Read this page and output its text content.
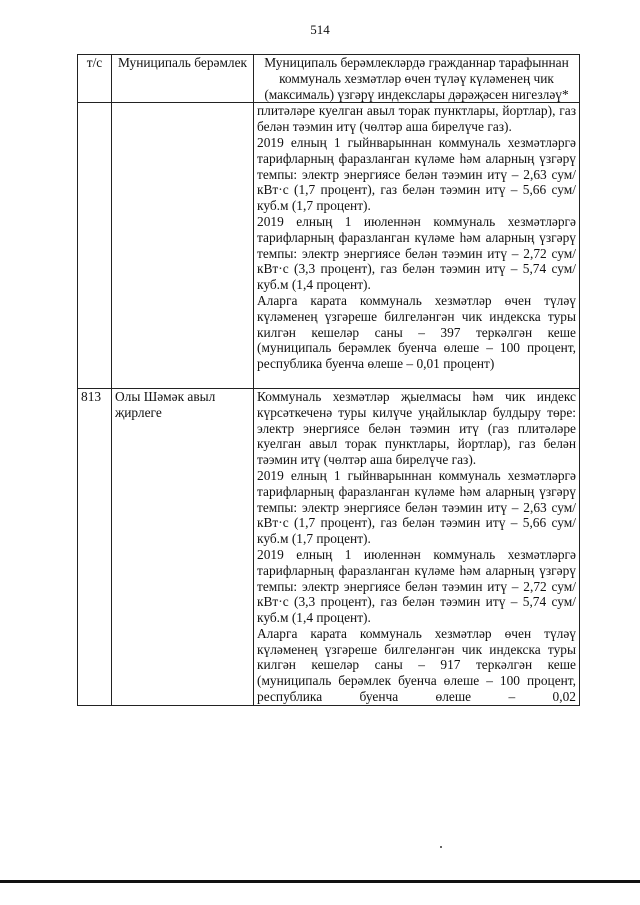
514
т/с	Муниципаль берәмлек	Муниципаль берәмлекләрдә гражданнар тарафыннан коммуналь хезмәтләр өчен түләү күләменең чик (максималь) үзгәрү индекслары дәрәҗәсен нигезләү*

		плитәләре куелган авыл торак пунктлары, йортлар), газ белән тәэмин итү (чөлтәр аша бирелүче газ).

2019 елның 1 гыйнварыннан коммуналь хезмәтләргә тарифларның фаразланган күләме һәм аларның үзгәрү темпы: электр энергиясе белән тәэмин итү – 2,63 сум/кВт·с (1,7 процент), газ белән тәэмин итү – 5,66 сум/куб.м (1,7 процент).

2019 елның 1 июленнән коммуналь хезмәтләргә тарифларның фаразланган күләме һәм аларның үзгәрү темпы: электр энергиясе белән тәэмин итү – 2,72 сум/кВт·с (3,3 процент), газ белән тәэмин итү – 5,74 сум/куб.м (1,4 процент).

Аларга карата коммуналь хезмәтләр өчен түләү күләменең үзгәреше билгеләнгән чик индекска туры килгән кешеләр саны – 397 теркәлгән кеше (муниципаль берәмлек буенча өлеше – 100 процент, республика буенча өлеше – 0,01 процент)

813	Олы Шәмәк авыл җирлеге	Коммуналь хезмәтләр җыелмасы һәм чик индекс күрсәткеченә туры килүче уңайлыклар булдыру төре: электр энергиясе белән тәэмин итү (газ плитәләре куелган авыл торак пунктлары, йортлар), газ белән тәэмин итү (чөлтәр аша бирелүче газ).

2019 елның 1 гыйнварыннан коммуналь хезмәтләргә тарифларның фаразланган күләме һәм аларның үзгәрү темпы: электр энергиясе белән тәэмин итү – 2,63 сум/кВт·с (1,7 процент), газ белән тәэмин итү – 5,66 сум/куб.м (1,7 процент).

2019 елның 1 июленнән коммуналь хезмәтләргә тарифларның фаразланган күләме һәм аларның үзгәрү темпы: электр энергиясе белән тәэмин итү – 2,72 сум/кВт·с (3,3 процент), газ белән тәэмин итү – 5,74 сум/куб.м (1,4 процент).

Аларга карата коммуналь хезмәтләр өчен түләү күләменең үзгәреше билгеләнгән чик индекска туры килгән кешеләр саны – 917 теркәлгән кеше (муниципаль берәмлек буенча өлеше – 100 процент, республика буенча өлеше – 0,02
